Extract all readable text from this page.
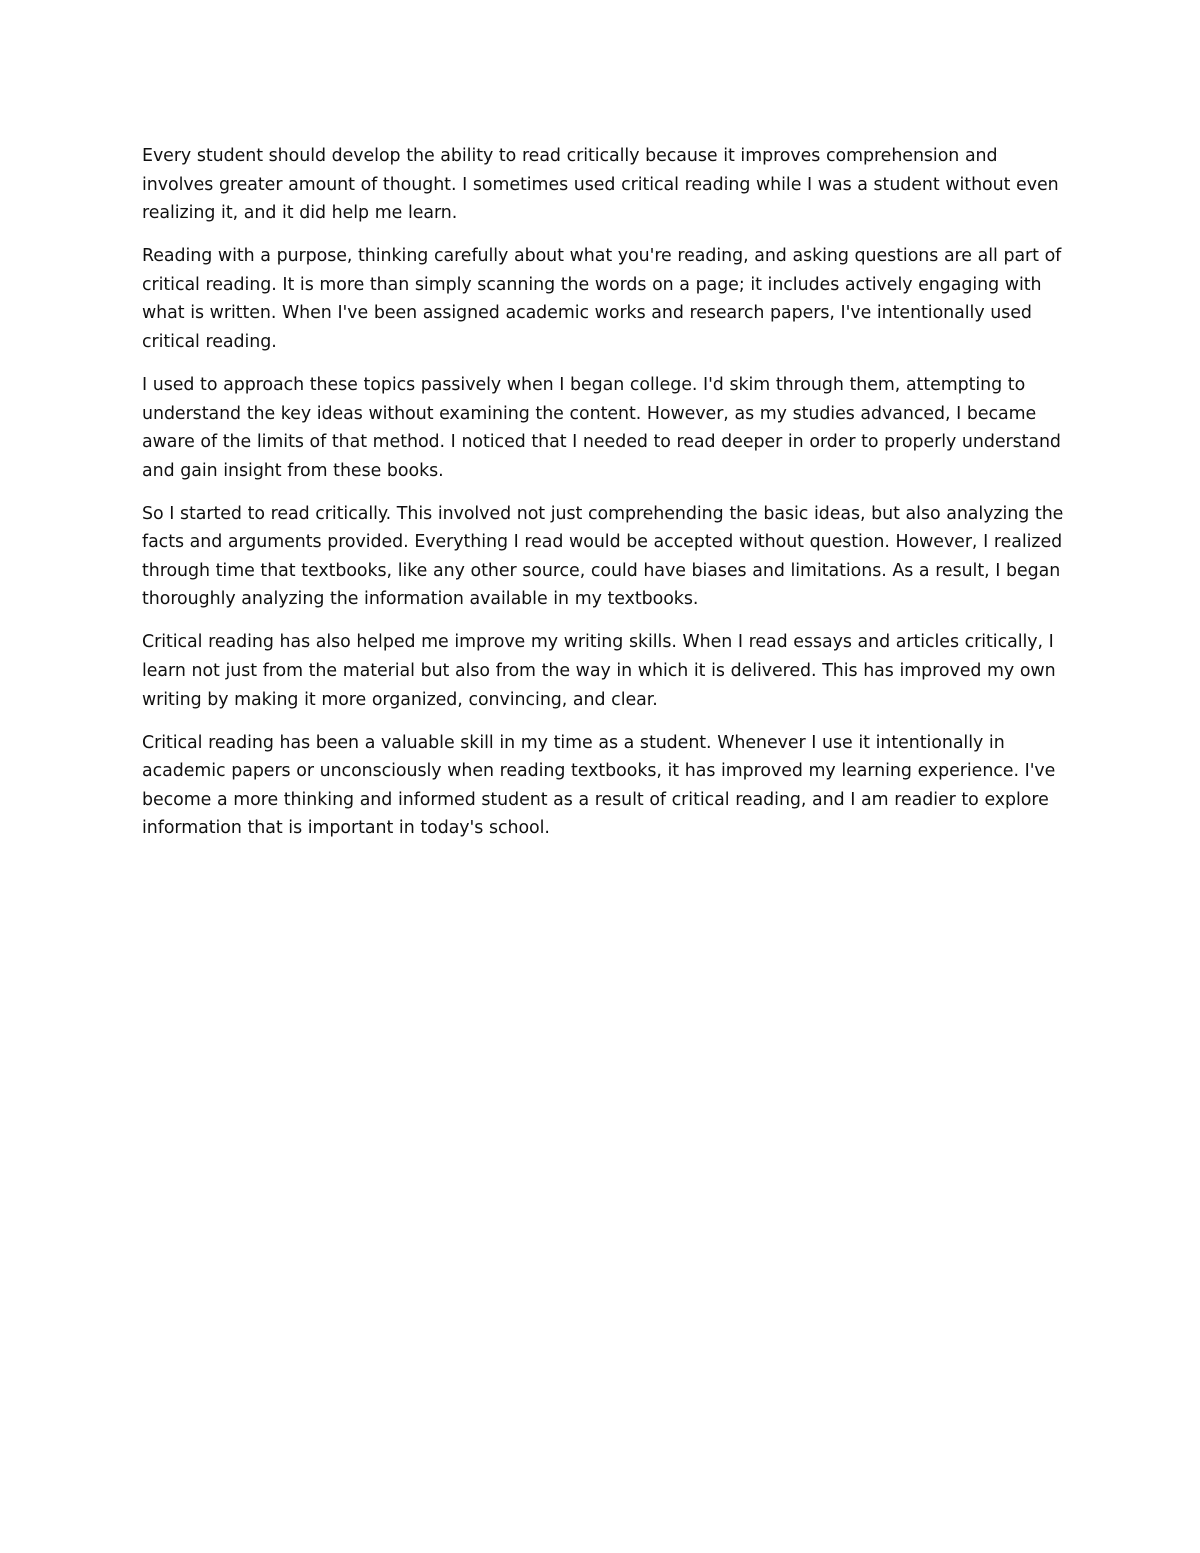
Every student should develop the ability to read critically because it improves comprehension and involves greater amount of thought. I sometimes used critical reading while I was a student without even realizing it, and it did help me learn.

Reading with a purpose, thinking carefully about what you're reading, and asking questions are all part of critical reading. It is more than simply scanning the words on a page; it includes actively engaging with what is written. When I've been assigned academic works and research papers, I've intentionally used critical reading.

I used to approach these topics passively when I began college. I'd skim through them, attempting to understand the key ideas without examining the content. However, as my studies advanced, I became aware of the limits of that method. I noticed that I needed to read deeper in order to properly understand and gain insight from these books.

So I started to read critically. This involved not just comprehending the basic ideas, but also analyzing the facts and arguments provided. Everything I read would be accepted without question. However, I realized through time that textbooks, like any other source, could have biases and limitations. As a result, I began thoroughly analyzing the information available in my textbooks.

Critical reading has also helped me improve my writing skills. When I read essays and articles critically, I learn not just from the material but also from the way in which it is delivered. This has improved my own writing by making it more organized, convincing, and clear.

Critical reading has been a valuable skill in my time as a student. Whenever I use it intentionally in academic papers or unconsciously when reading textbooks, it has improved my learning experience. I've become a more thinking and informed student as a result of critical reading, and I am readier to explore information that is important in today's school.
